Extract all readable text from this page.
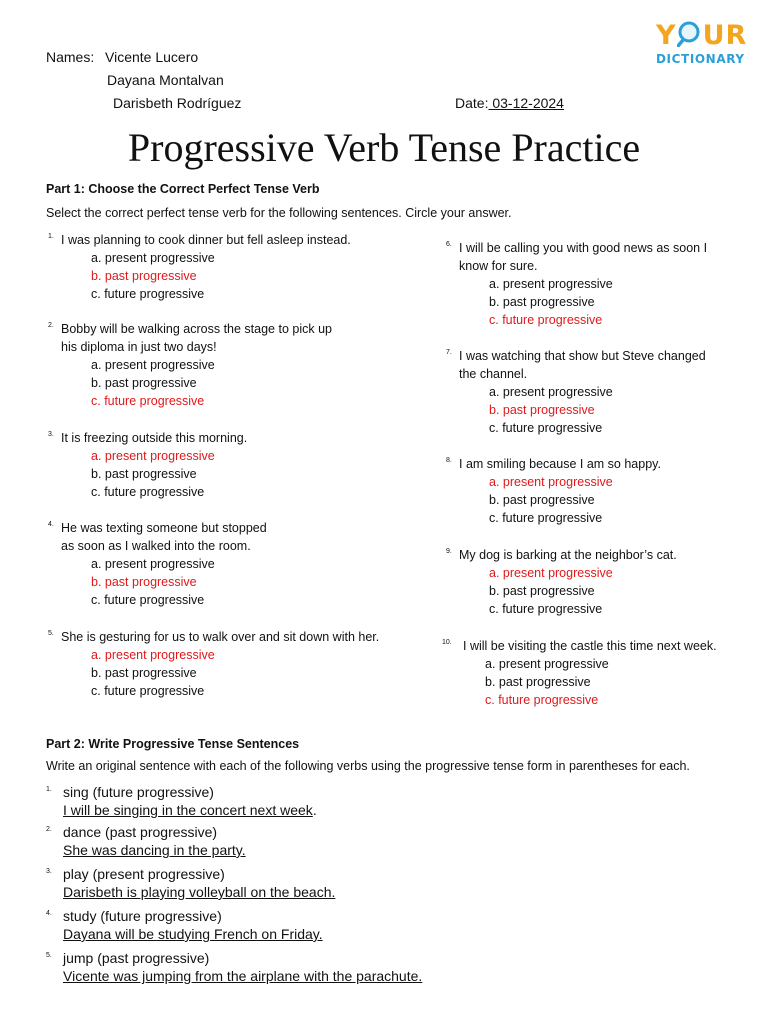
Names: Vicente Lucero
Dayana Montalvan
Darisbeth Rodríguez	Date: 03-12-2024
Y UR
DICTIONARY
Progressive Verb Tense Practice
Part 1: Choose the Correct Perfect Tense Verb
Select the correct perfect tense verb for the following sentences. Circle your answer.
1. I was planning to cook dinner but fell asleep instead.
a. present progressive
b. past progressive
c. future progressive
2. Bobby will be walking across the stage to pick up
his diploma in just two days!
a. present progressive
b. past progressive
c. future progressive
3. It is freezing outside this morning.
a. present progressive
b. past progressive
c. future progressive
4. He was texting someone but stopped
as soon as I walked into the room.
a. present progressive
b. past progressive
c. future progressive
5. She is gesturing for us to walk over and sit down with her.
a. present progressive
b. past progressive
c. future progressive
6. I will be calling you with good news as soon I
know for sure.
a. present progressive
b. past progressive
c. future progressive
7. I was watching that show but Steve changed
the channel.
a. present progressive
b. past progressive
c. future progressive
8. I am smiling because I am so happy.
a. present progressive
b. past progressive
c. future progressive
9. My dog is barking at the neighbor’s cat.
a. present progressive
b. past progressive
c. future progressive
10. I will be visiting the castle this time next week.
a. present progressive
b. past progressive
c. future progressive
Part 2: Write Progressive Tense Sentences
Write an original sentence with each of the following verbs using the progressive tense form in parentheses for each.
1. sing (future progressive)
I will be singing in the concert next week.
2. dance (past progressive)
She was dancing in the party.
3. play (present progressive)
Darisbeth is playing volleyball on the beach.
4. study (future progressive)
Dayana will be studying French on Friday.
5. jump (past progressive)
Vicente was jumping from the airplane with the parachute.
